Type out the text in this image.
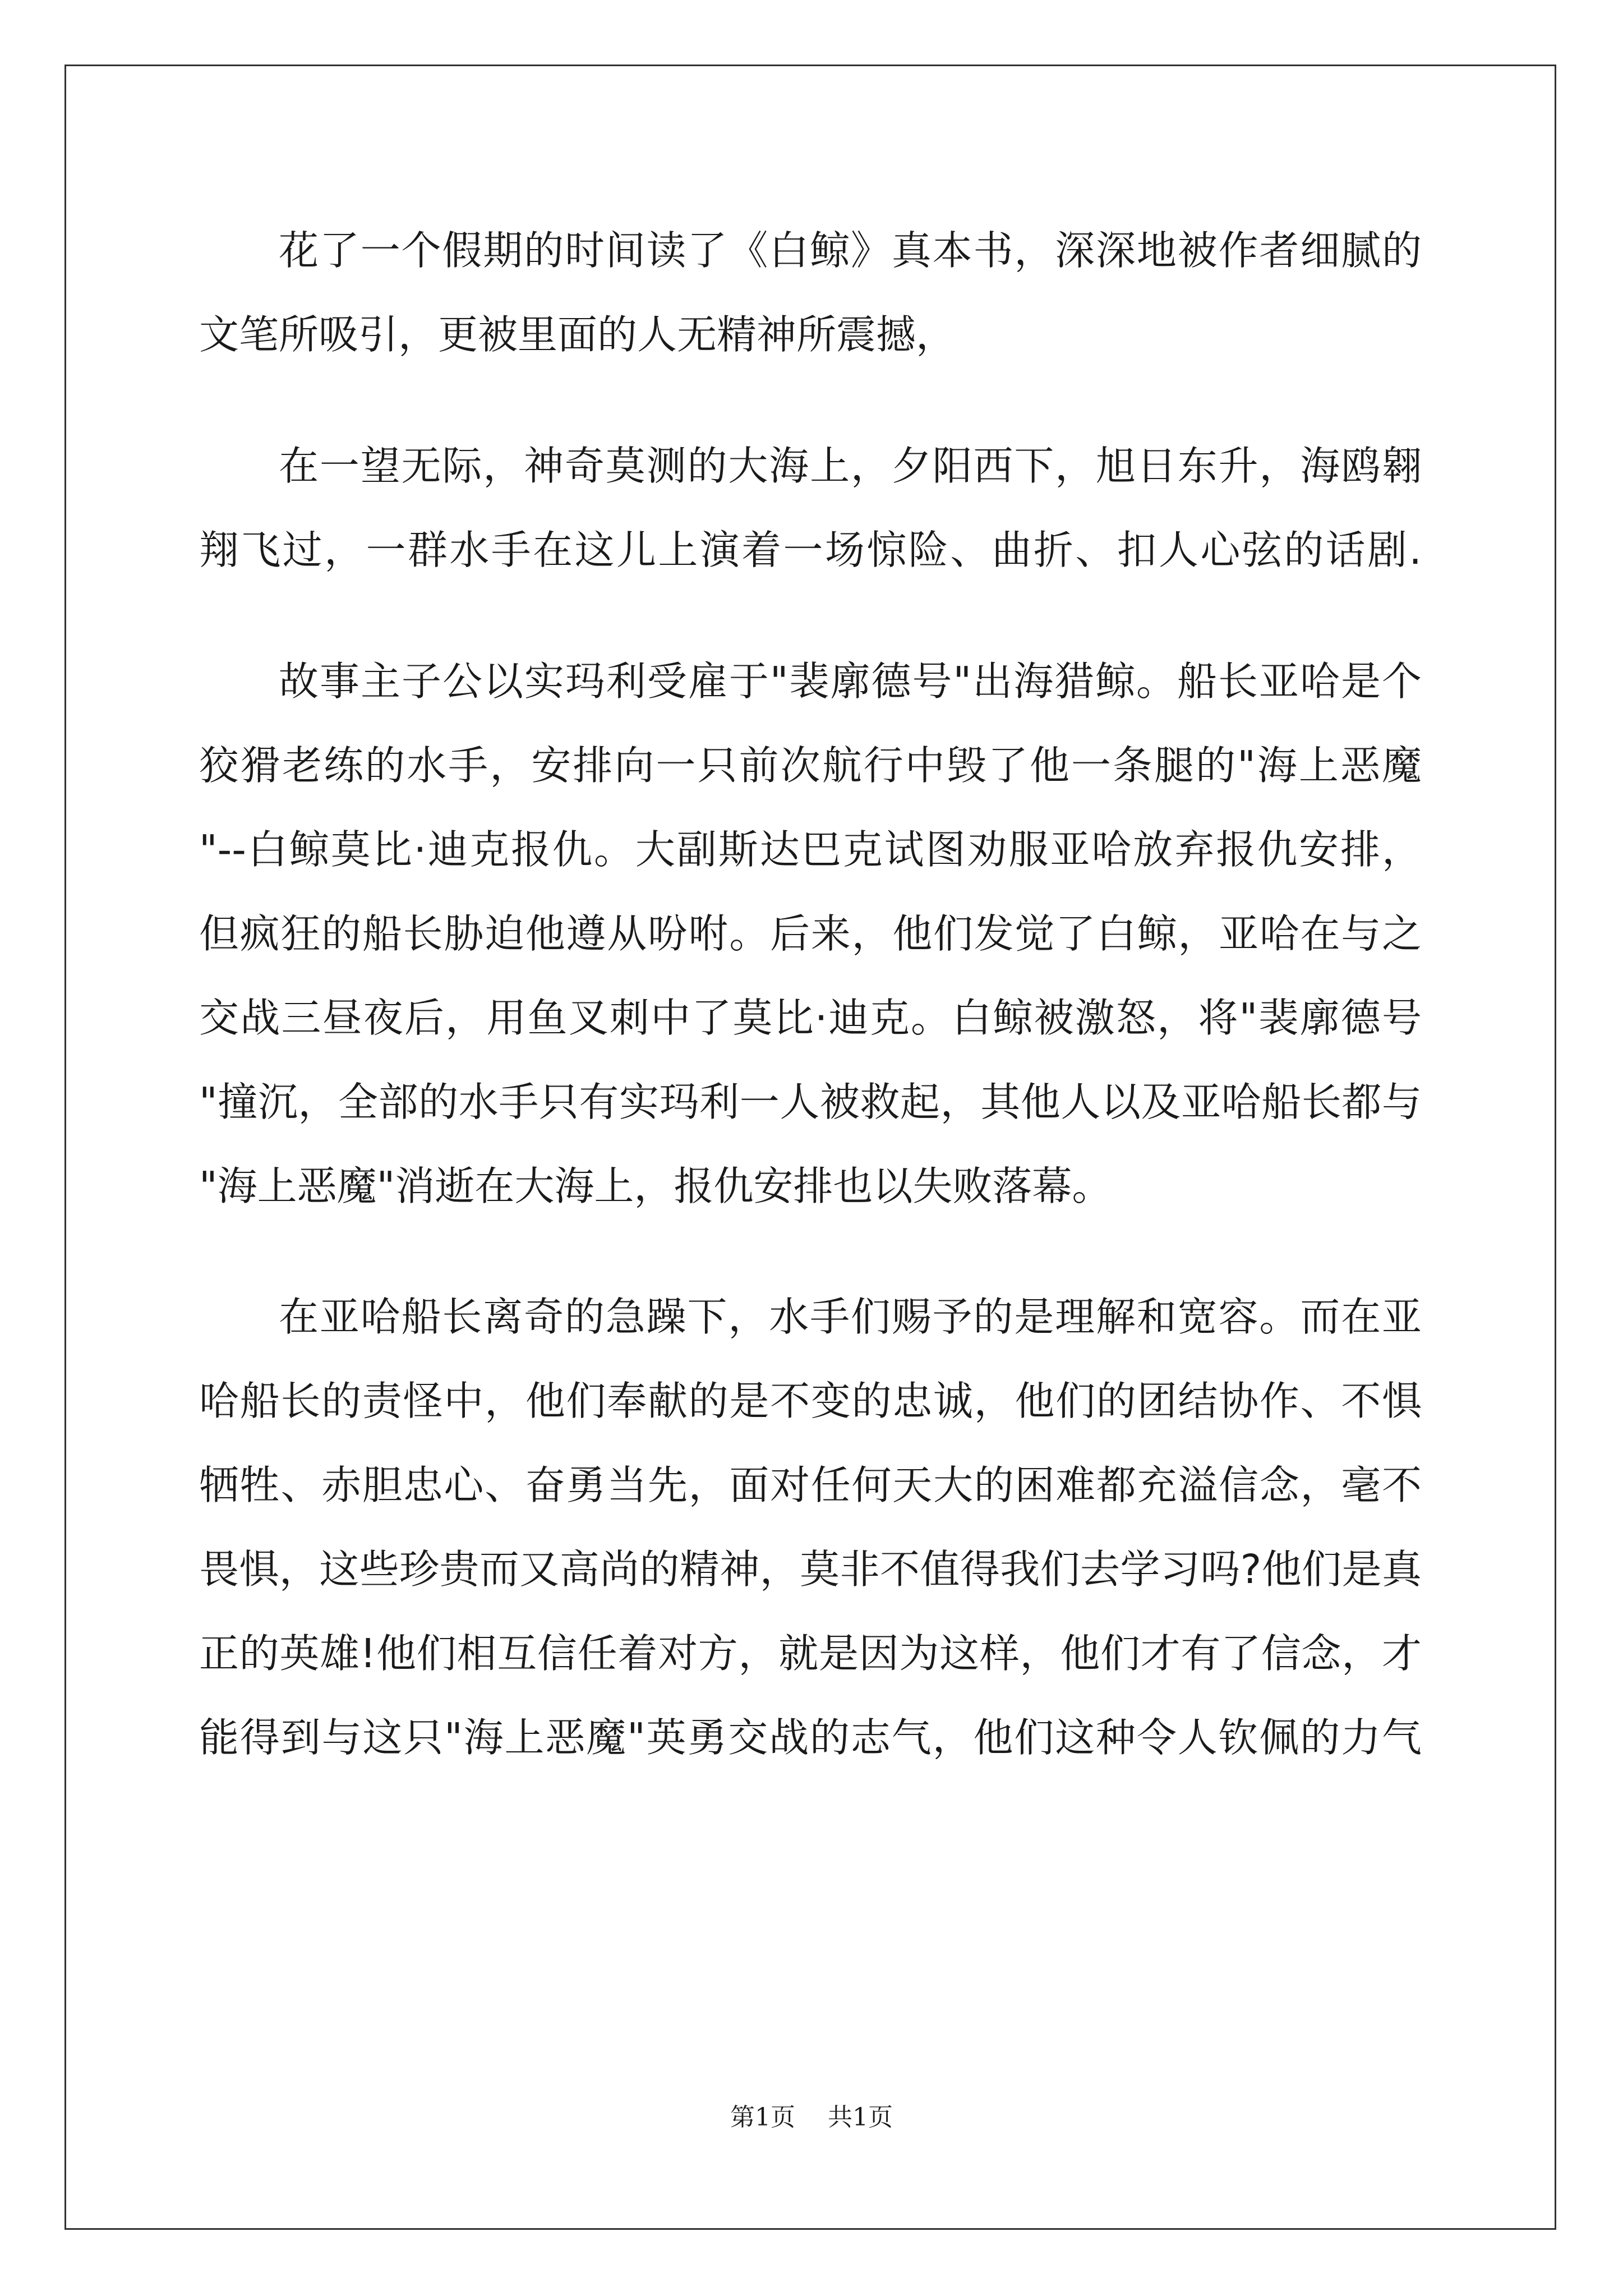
花了一个假期的时间读了《白鲸》真本书，深深地被作者细腻的
文笔所吸引，更被里面的人无精神所震撼，
在一望无际，神奇莫测的大海上，夕阳西下，旭日东升，海鸥翱
翔飞过，一群水手在这儿上演着一场惊险、曲折、扣人心弦的话剧.
故事主子公以实玛利受雇于"裴廓德号"出海猎鲸。船长亚哈是个
狡猾老练的水手，安排向一只前次航行中毁了他一条腿的"海上恶魔
"--白鲸莫比·迪克报仇。大副斯达巴克试图劝服亚哈放弃报仇安排，
但疯狂的船长胁迫他遵从吩咐。后来，他们发觉了白鲸，亚哈在与之
交战三昼夜后，用鱼叉刺中了莫比·迪克。白鲸被激怒，将"裴廓德号
"撞沉，全部的水手只有实玛利一人被救起，其他人以及亚哈船长都与
"海上恶魔"消逝在大海上，报仇安排也以失败落幕。
在亚哈船长离奇的急躁下，水手们赐予的是理解和宽容。而在亚
哈船长的责怪中，他们奉献的是不变的忠诚，他们的团结协作、不惧
牺牲、赤胆忠心、奋勇当先，面对任何天大的困难都充溢信念，毫不
畏惧，这些珍贵而又高尚的精神，莫非不值得我们去学习吗?他们是真
正的英雄!他们相互信任着对方，就是因为这样，他们才有了信念，才
能得到与这只"海上恶魔"英勇交战的志气，他们这种令人钦佩的力气
第1页 共1页
